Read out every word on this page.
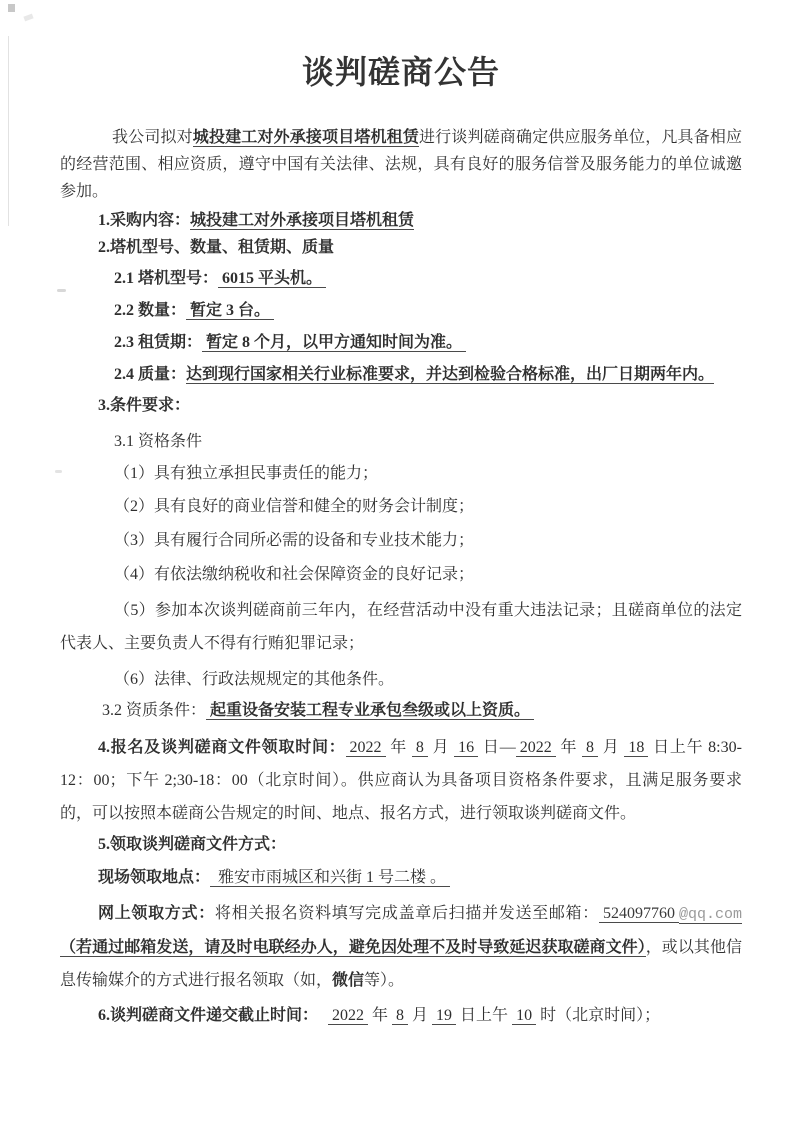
谈判磋商公告

我公司拟对城投建工对外承接项目塔机租赁进行谈判磋商确定供应服务单位，凡具备相应的经营范围、相应资质，遵守中国有关法律、法规，具有良好的服务信誉及服务能力的单位诚邀参加。

1.采购内容：城投建工对外承接项目塔机租赁

2.塔机型号、数量、租赁期、质量

2.1 塔机型号： 6015 平头机。

2.2 数量： 暂定 3 台。

2.3 租赁期： 暂定 8 个月，以甲方通知时间为准。

2.4 质量：达到现行国家相关行业标准要求，并达到检验合格标准，出厂日期两年内。

3.条件要求：

3.1 资格条件

（1）具有独立承担民事责任的能力；

（2）具有良好的商业信誉和健全的财务会计制度；

（3）具有履行合同所必需的设备和专业技术能力；

（4）有依法缴纳税收和社会保障资金的良好记录；

（5）参加本次谈判磋商前三年内，在经营活动中没有重大违法记录；且磋商单位的法定代表人、主要负责人不得有行贿犯罪记录；

（6）法律、行政法规规定的其他条件。

3.2 资质条件： 起重设备安装工程专业承包叁级或以上资质。

4.报名及谈判磋商文件领取时间： 2022 年 8 月 16 日— 2022 年 8 月 18 日上午 8:30-12：00；下午 2;30-18：00（北京时间）。供应商认为具备项目资格条件要求，且满足服务要求的，可以按照本磋商公告规定的时间、地点、报名方式，进行领取谈判磋商文件。

5.领取谈判磋商文件方式：

现场领取地点： 雅安市雨城区和兴街 1 号二楼 。

网上领取方式：将相关报名资料填写完成盖章后扫描并发送至邮箱： 524097760 @qq.com（若通过邮箱发送，请及时电联经办人，避免因处理不及时导致延迟获取磋商文件），或以其他信息传输媒介的方式进行报名领取（如，微信等）。

6.谈判磋商文件递交截止时间： 2022 年 8 月 19 日上午 10 时（北京时间）；
